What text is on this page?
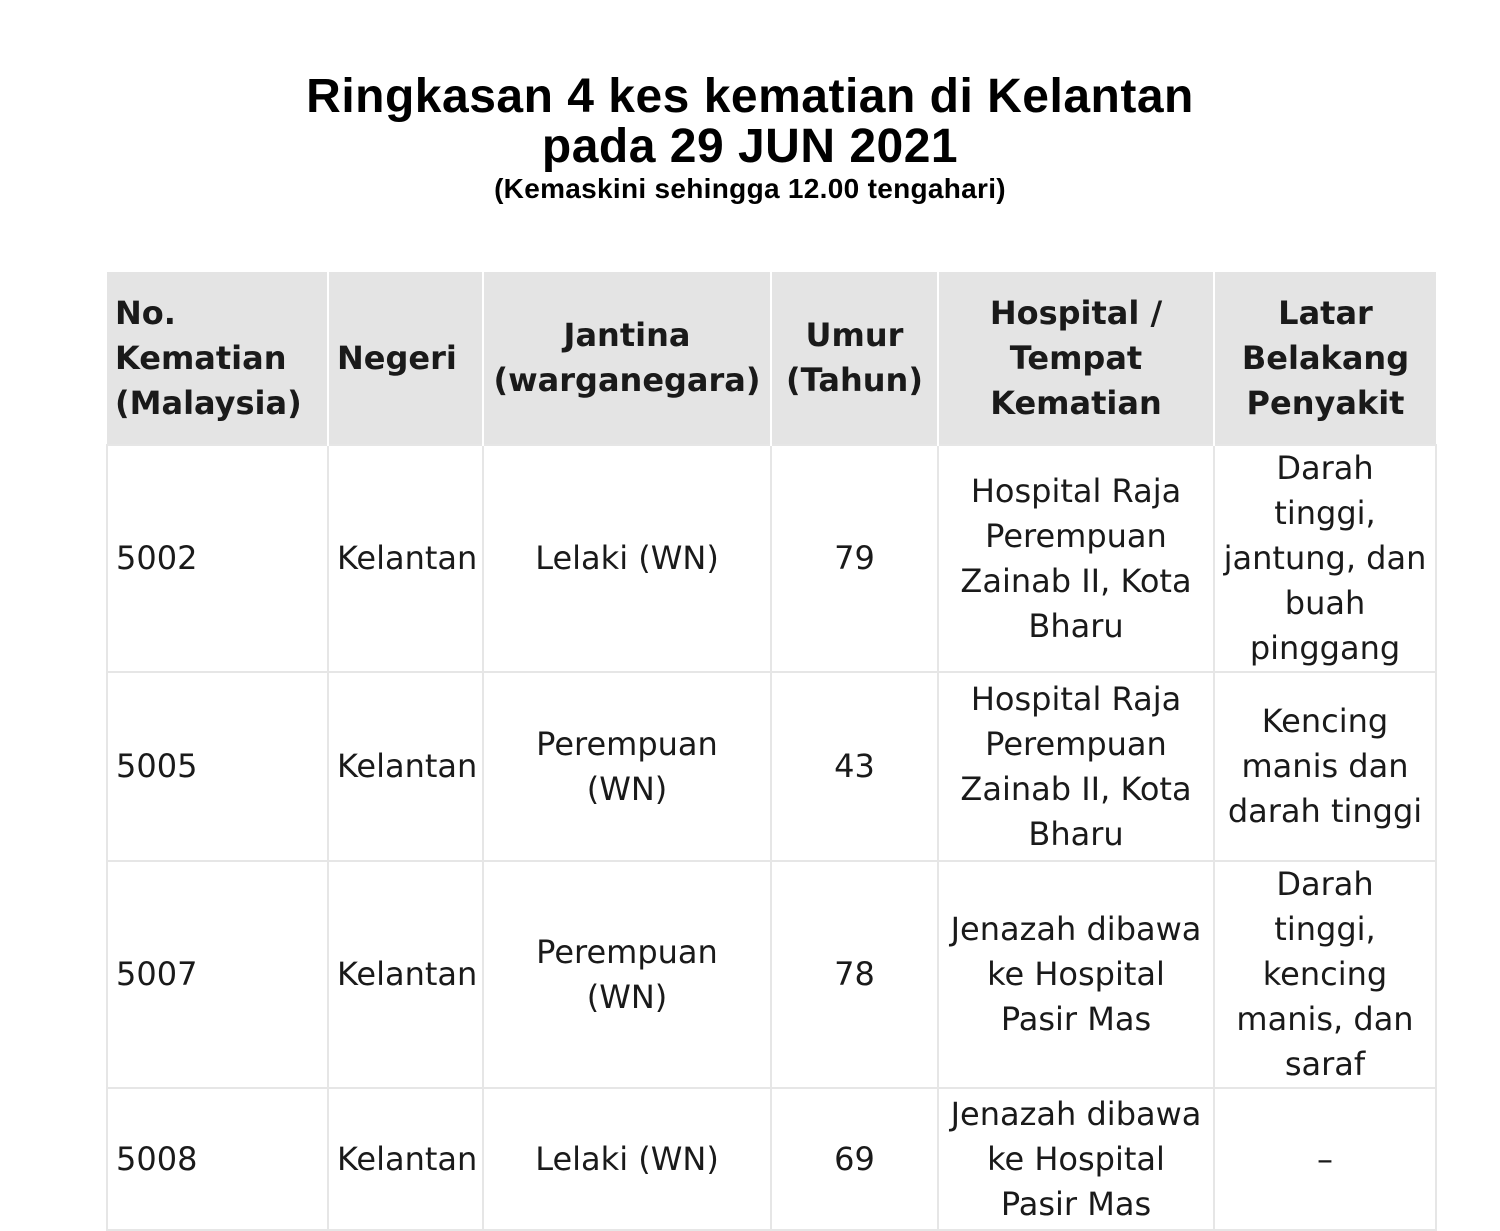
Ringkasan 4 kes kematian di Kelantan
pada 29 JUN 2021
(Kemaskini sehingga 12.00 tengahari)
No. Kematian (Malaysia)	Negeri	Jantina (warganegara)	Umur (Tahun)	Hospital / Tempat Kematian	Latar Belakang Penyakit
5002	Kelantan	Lelaki (WN)	79	Hospital Raja Perempuan Zainab II, Kota Bharu	Darah tinggi, jantung, dan buah pinggang
5005	Kelantan	Perempuan (WN)	43	Hospital Raja Perempuan Zainab II, Kota Bharu	Kencing manis dan darah tinggi
5007	Kelantan	Perempuan (WN)	78	Jenazah dibawa ke Hospital Pasir Mas	Darah tinggi, kencing manis, dan saraf
5008	Kelantan	Lelaki (WN)	69	Jenazah dibawa ke Hospital Pasir Mas	–
